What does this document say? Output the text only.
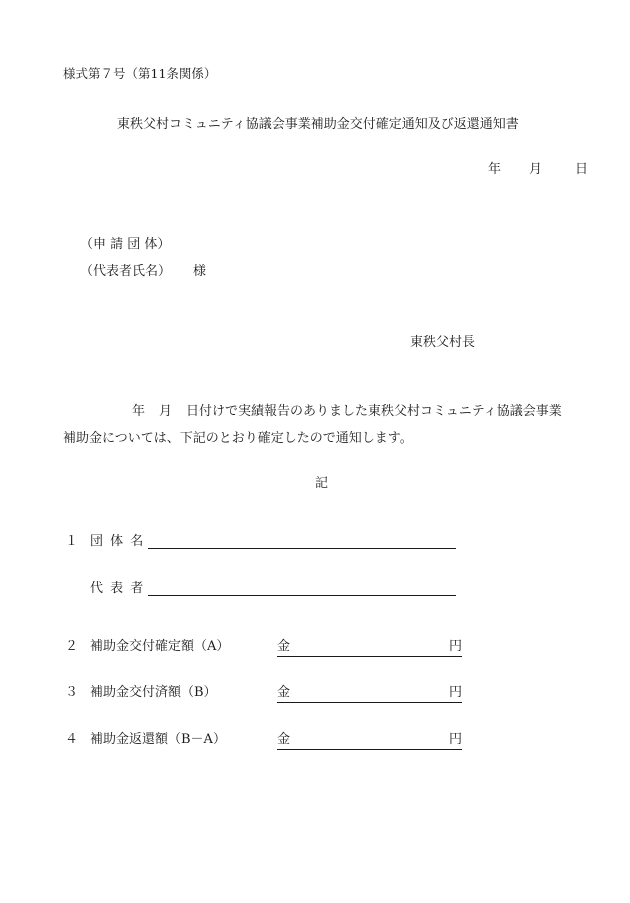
様式第７号（第11条関係）
東秩父村コミュニティ協議会事業補助金交付確定通知及び返還通知書
年 月	日
（申 請 団 体）
（代表者氏名） 様
東秩父村長
年 月 日付けで実績報告のありました東秩父村コミュニティ協議会事業
補助金については、下記のとおり確定したので通知します。
記
１ 団体名
代表者
２ 補助金交付確定額（A）	金	円
３ 補助金交付済額（B）	金	円
４ 補助金返還額（B－A）	金	円
